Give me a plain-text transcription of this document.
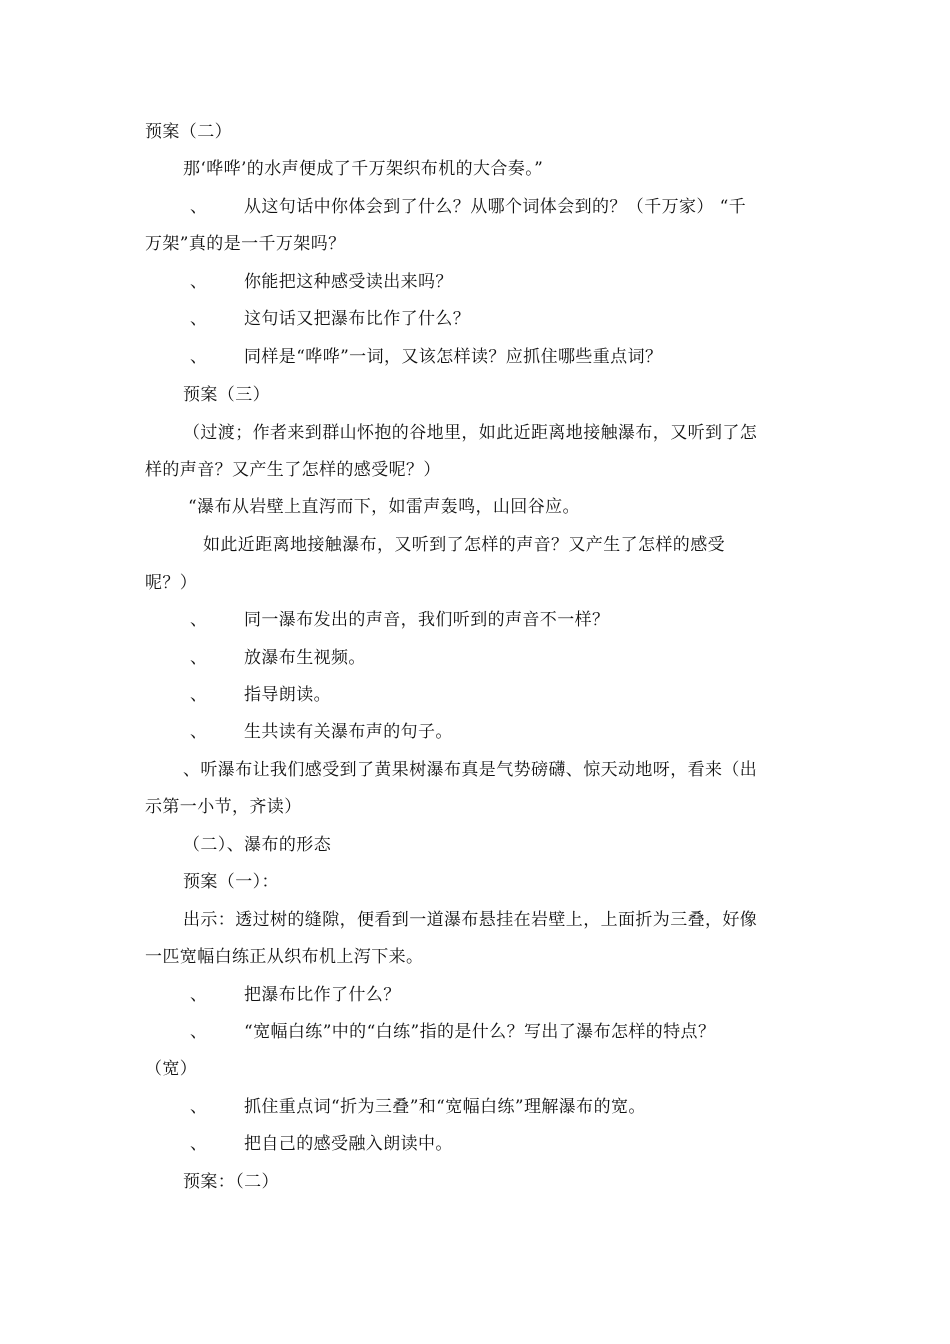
预案（二）
那‘哗哗’的水声便成了千万架织布机的大合奏。”
、 从这句话中你体会到了什么？从哪个词体会到的？（千万家） “千
万架”真的是一千万架吗？
、 你能把这种感受读出来吗？
、 这句话又把瀑布比作了什么？
、 同样是“哗哗”一词，又该怎样读？应抓住哪些重点词？
预案（三）
（过渡；作者来到群山怀抱的谷地里，如此近距离地接触瀑布，又听到了怎
样的声音？又产生了怎样的感受呢？）
“瀑布从岩壁上直泻而下，如雷声轰鸣，山回谷应。
如此近距离地接触瀑布，又听到了怎样的声音？又产生了怎样的感受
呢？）
、 同一瀑布发出的声音，我们听到的声音不一样？
、 放瀑布生视频。
、 指导朗读。
、 生共读有关瀑布声的句子。
、听瀑布让我们感受到了黄果树瀑布真是气势磅礴、惊天动地呀，看来（出
示第一小节，齐读）
（二）、瀑布的形态
预案（一）：
出示：透过树的缝隙，便看到一道瀑布悬挂在岩壁上，上面折为三叠，好像
一匹宽幅白练正从织布机上泻下来。
、 把瀑布比作了什么？
、 “宽幅白练”中的“白练”指的是什么？写出了瀑布怎样的特点？
（宽）
、 抓住重点词“折为三叠”和“宽幅白练”理解瀑布的宽。
、 把自己的感受融入朗读中。
预案：（二）
